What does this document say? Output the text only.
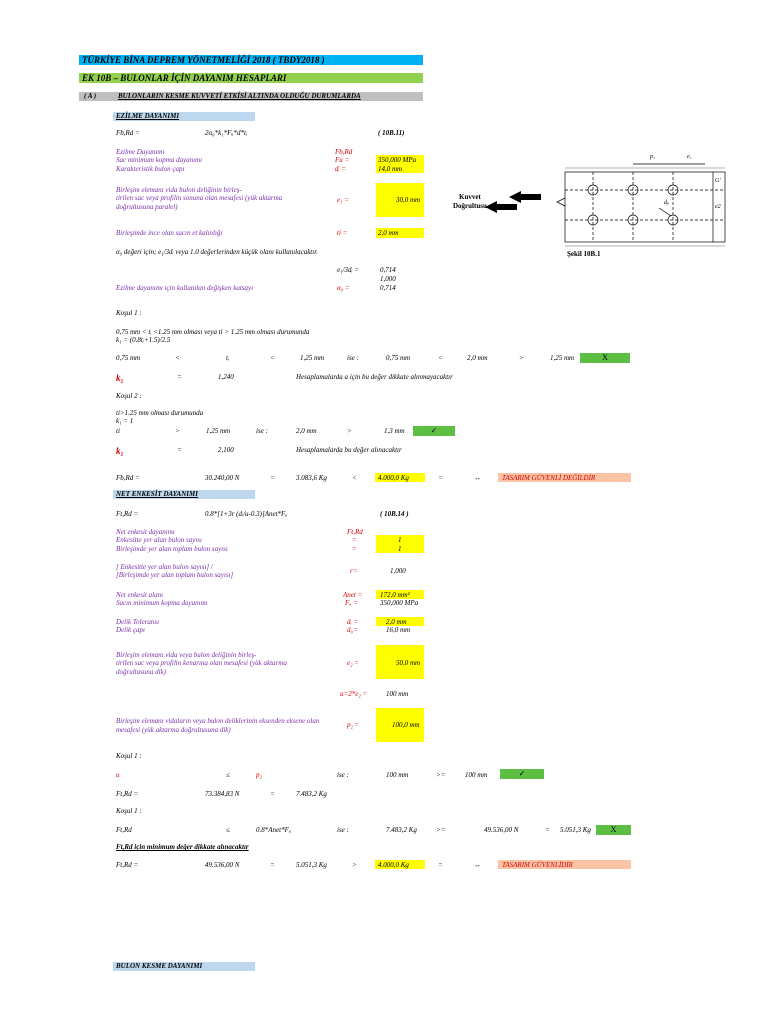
TÜRKİYE BİNA DEPREM YÖNETMELİĞİ 2018 ( TBDY2018 )
EK 10B – BULONLAR İÇİN DAYANIM HESAPLARI
( A )	BULONLARIN KESME KUVVETİ ETKİSİ ALTINDA OLDUĞU DURUMLARDA
EZİLME DAYANIMI
Fb,Rd =	2α₀*k₁*Fᵤ*d*tᵢ	( 10B.11)
Ezilme Dayanımı	Fb,Rd
Sac minimum kopma dayanımı	Fu =	350,000 MPa
Karakteristik bulon çapı	dᵢ =	14,0 mm
Birleşim elemanı vida bulon deliğinin birleş-
tirilen sac veya profilin sonuna olan mesafesi (yük aktarma
doğrultusuna paralel)
e₁ =	30,0 mm
Birleşimde ince olan sacın et kalınlığı	ti =	2,0 mm
α₀ değeri için; e₁/3dᵢ veya 1.0 değerlerinden küçük olanı kullanılacaktır.
e₁/3dᵢ =	0,714
1,000
Ezilme dayanımı için kullanılan değişken katsayı	α₀ =	0,714
Koşul 1 :
0,75 mm < tᵢ <1.25 mm olması veya ti > 1.25 mm olması durumunda
k₁ = (0.8tᵢ+1.5)/2.5
0,75 mm	<	tᵢ	<	1,25 mm	ise :	0,75 mm	<	2,0 mm	>	1,25 mm	X
k₁	=	1,240	Hesaplamalarda a için bu değer dikkate alınmayacaktır
Koşul 2 :
ti>1.25 mm olması durumunda
k₁ = 1
ti	>	1,25 mm	ise :	2,0 mm	>	1,3 mm	✓
k₁	=	2,100	Hesaplamalarda bu değer alınacaktır
Fb,Rd =	30.240,00 N	=	3.083,6 Kg	<	4.000,0 Kg	=	↔	TASARIM GÜVENLİ DEĞİLDİR
Kuvvet
Doğrultusu
p₁	e₁
G'
e2
dᵦ
Şekil 10B.1
NET ENKESİT DAYANIMI
Ft,Rd =	0.8*[1+3r (dᵢ/u-0.3)]Anet*Fᵤ	( 10B.14 )
Net enkesit dayanımı	Ft,Rd
Enkesitte yer alan bulon sayısı	=	1
Birleşimde yer alan toplam bulon sayısı	=	1
[ Enkesitte yer alan bulon sayısı] /
[Birleşimde yer alan toplam bulon sayısı]	r=	1,000
Net enkesit alanı	Anet =	172,0 mm²
Sacın minimum kopma dayanımı	Fᵤ =	350,000 MPa
Delik Toleransı	dᵢ =	2,0 mm
Delik çapı	d₀=	16,0 mm
Birleşim elemanı vida veya bulon deliğinin birleş-
tirilen sac veya profilin kenarına olan mesafesi (yük aktarma
doğrultusuna dik)
e₂ =	50,0 mm
u=2*e₂ =	100 mm
Birleşim elemanı vidaların veya bulon deliklerinin eksenden eksene olan
mesafesi (yük aktarma doğrultusuna dik)
p₂ =	100,0 mm
Koşul 1 :
u	≤	p₂	ise :	100 mm	>=	100 mm	✓
Ft,Rd =	73.384,83 N	=	7.483,2 Kg
Koşul 1 :
Ft,Rd	≤	0.8*Anet*Fᵤ	ise :	7.483,2 Kg	>=	49.536,00 N	= 5.051,3 Kg	X
Ft,Rd için minimum değer dikkate alınacaktır
Ft,Rd =	49.536,00 N	=	5.051,3 Kg	>	4.000,0 Kg	=	↔	TASARIM GÜVENLİDİR
BULON KESME DAYANIMI
